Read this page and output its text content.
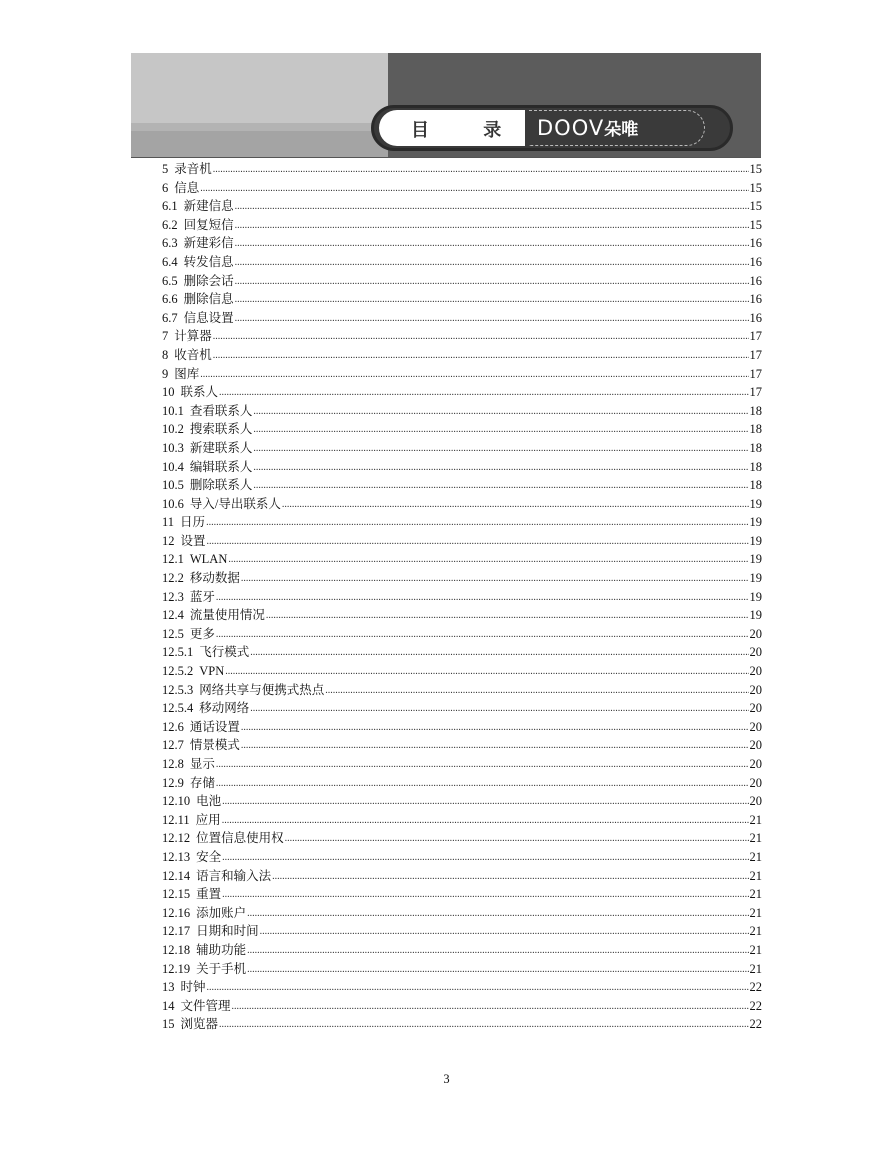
目 录 DOOV朵唯
5 录音机 .....	15
6 信息 .....	15
6.1 新建信息 .....	15
6.2 回复短信 .....	15
6.3 新建彩信 .....	16
6.4 转发信息 .....	16
6.5 删除会话 .....	16
6.6 删除信息 .....	16
6.7 信息设置 .....	16
7 计算器 .....	17
8 收音机 .....	17
9 图库 .....	17
10 联系人 .....	17
10.1 查看联系人 .....	18
10.2 搜索联系人 .....	18
10.3 新建联系人 .....	18
10.4 编辑联系人 .....	18
10.5 删除联系人 .....	18
10.6 导入/导出联系人 .....	19
11 日历 .....	19
12 设置 .....	19
12.1 WLAN .....	19
12.2 移动数据 .....	19
12.3 蓝牙 .....	19
12.4 流量使用情况 .....	19
12.5 更多 .....	20
12.5.1 飞行模式 .....	20
12.5.2 VPN .....	20
12.5.3 网络共享与便携式热点 .....	20
12.5.4 移动网络 .....	20
12.6 通话设置 .....	20
12.7 情景模式 .....	20
12.8 显示 .....	20
12.9 存储 .....	20
12.10 电池 .....	20
12.11 应用 .....	21
12.12 位置信息使用权 .....	21
12.13 安全 .....	21
12.14 语言和输入法 .....	21
12.15 重置 .....	21
12.16 添加账户 .....	21
12.17 日期和时间 .....	21
12.18 辅助功能 .....	21
12.19 关于手机 .....	21
13 时钟 .....	22
14 文件管理 .....	22
15 浏览器 .....	22
3
